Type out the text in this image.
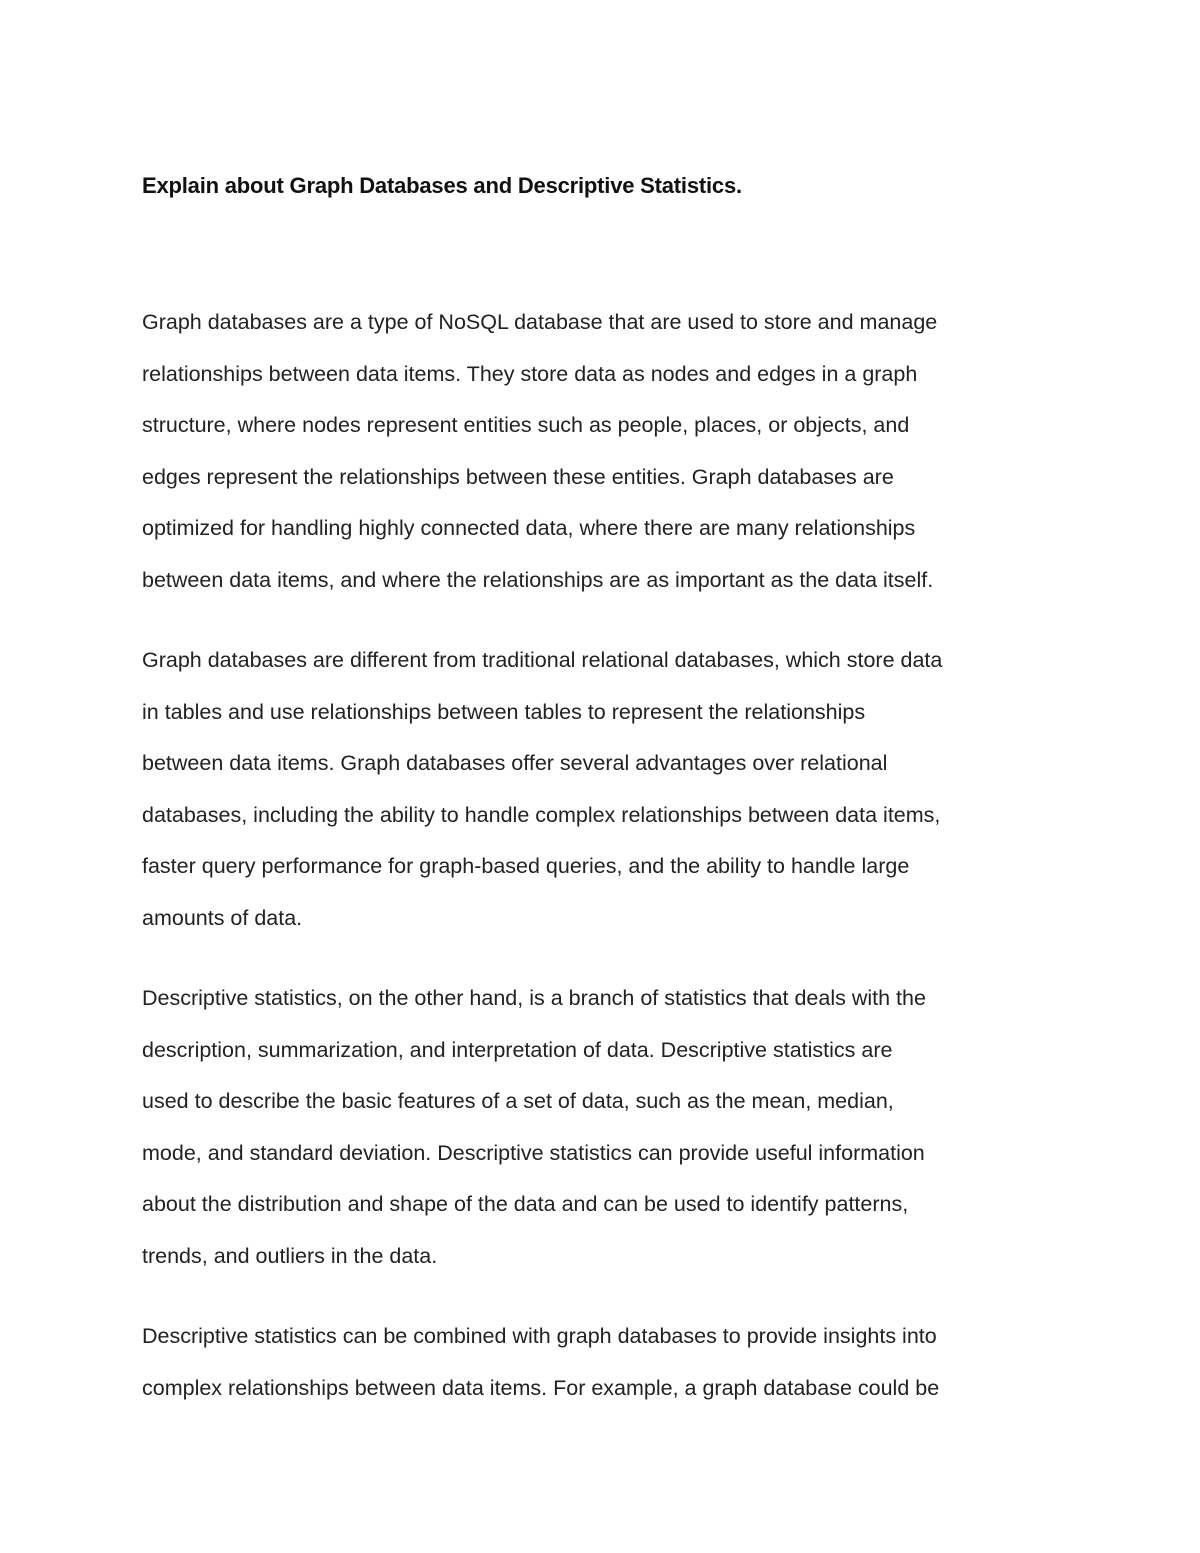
Explain about Graph Databases and Descriptive Statistics.

Graph databases are a type of NoSQL database that are used to store and manage
relationships between data items. They store data as nodes and edges in a graph
structure, where nodes represent entities such as people, places, or objects, and
edges represent the relationships between these entities. Graph databases are
optimized for handling highly connected data, where there are many relationships
between data items, and where the relationships are as important as the data itself.

Graph databases are different from traditional relational databases, which store data
in tables and use relationships between tables to represent the relationships
between data items. Graph databases offer several advantages over relational
databases, including the ability to handle complex relationships between data items,
faster query performance for graph-based queries, and the ability to handle large
amounts of data.

Descriptive statistics, on the other hand, is a branch of statistics that deals with the
description, summarization, and interpretation of data. Descriptive statistics are
used to describe the basic features of a set of data, such as the mean, median,
mode, and standard deviation. Descriptive statistics can provide useful information
about the distribution and shape of the data and can be used to identify patterns,
trends, and outliers in the data.

Descriptive statistics can be combined with graph databases to provide insights into
complex relationships between data items. For example, a graph database could be
